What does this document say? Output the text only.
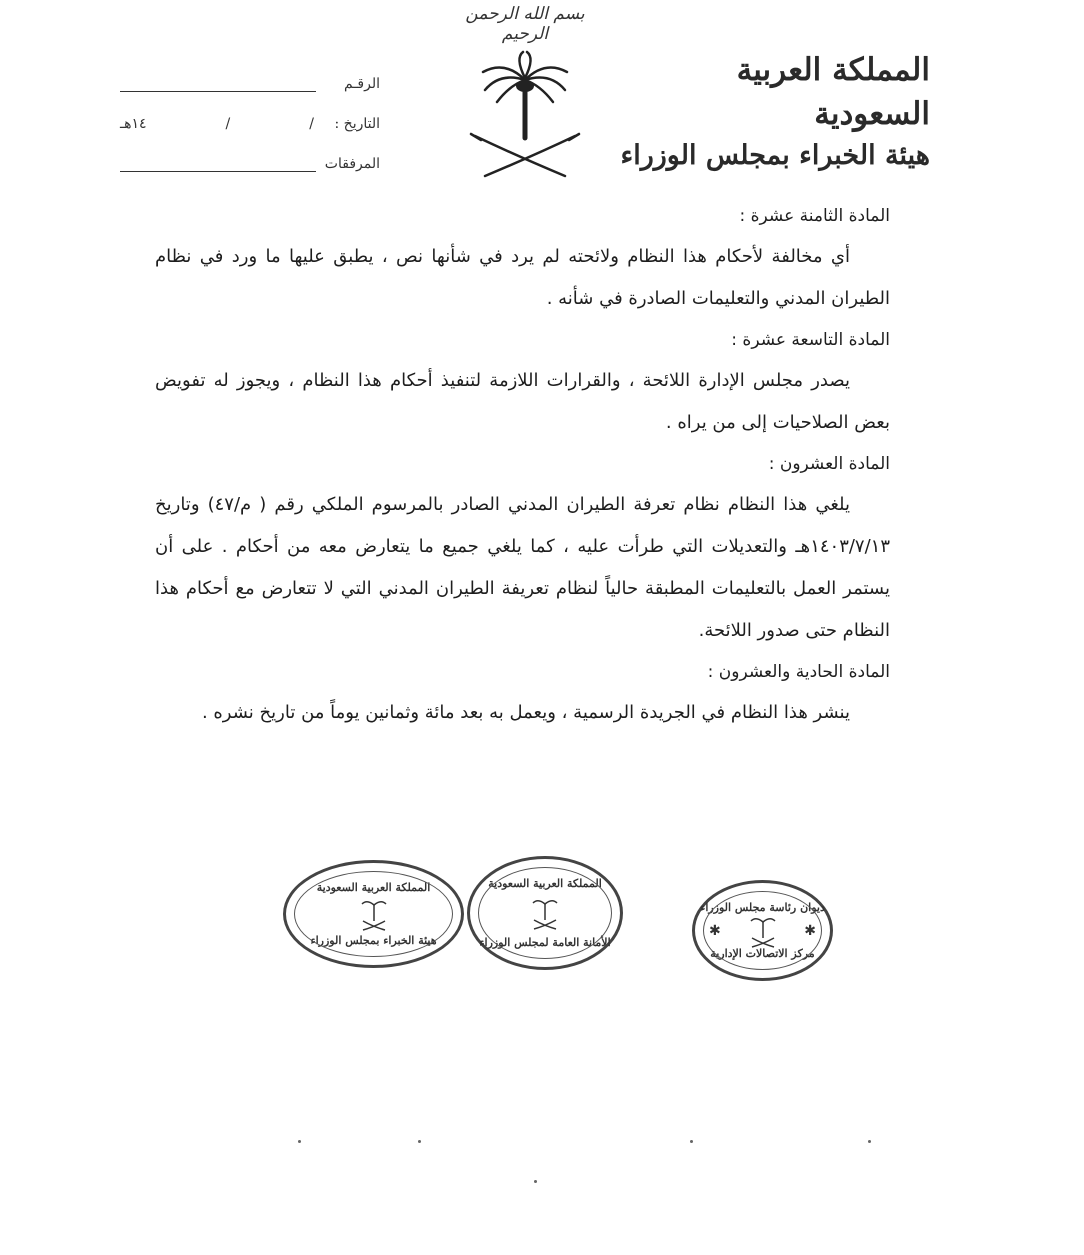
بسم الله الرحمن الرحيم
المملكة العربية السعودية
هيئة الخبراء بمجلس الوزراء
الرقـم
التاريخ :
/
/
١٤هـ
المرفقات
المادة الثامنة عشرة :

أي مخالفة لأحكام هذا النظام ولائحته لم يرد في شأنها نص ، يطبق عليها ما ورد في نظام الطيران المدني والتعليمات الصادرة في شأنه .

المادة التاسعة عشرة :

يصدر مجلس الإدارة اللائحة ، والقرارات اللازمة لتنفيذ أحكام هذا النظام ، ويجوز له تفويض بعض الصلاحيات إلى من يراه .

المادة العشرون :

يلغي هذا النظام نظام تعرفة الطيران المدني الصادر بالمرسوم الملكي رقم ( م/٤٧) وتاريخ ١٤٠٣/٧/١٣هـ والتعديلات التي طرأت عليه ، كما يلغي جميع ما يتعارض معه من أحكام . على أن يستمر العمل بالتعليمات المطبقة حالياً لنظام تعريفة الطيران المدني التي لا تتعارض مع أحكام هذا النظام حتى صدور اللائحة.

المادة الحادية والعشرون :

ينشر هذا النظام في الجريدة الرسمية ، ويعمل به بعد مائة وثمانين يوماً من تاريخ نشره .

المملكة العربية السعودية
هيئة الخبراء بمجلس الوزراء
المملكة العربية السعودية
الأمانة العامة لمجلس الوزراء
ديوان رئاسة مجلس الوزراء
✱	✱
مركز الاتصالات الإدارية
